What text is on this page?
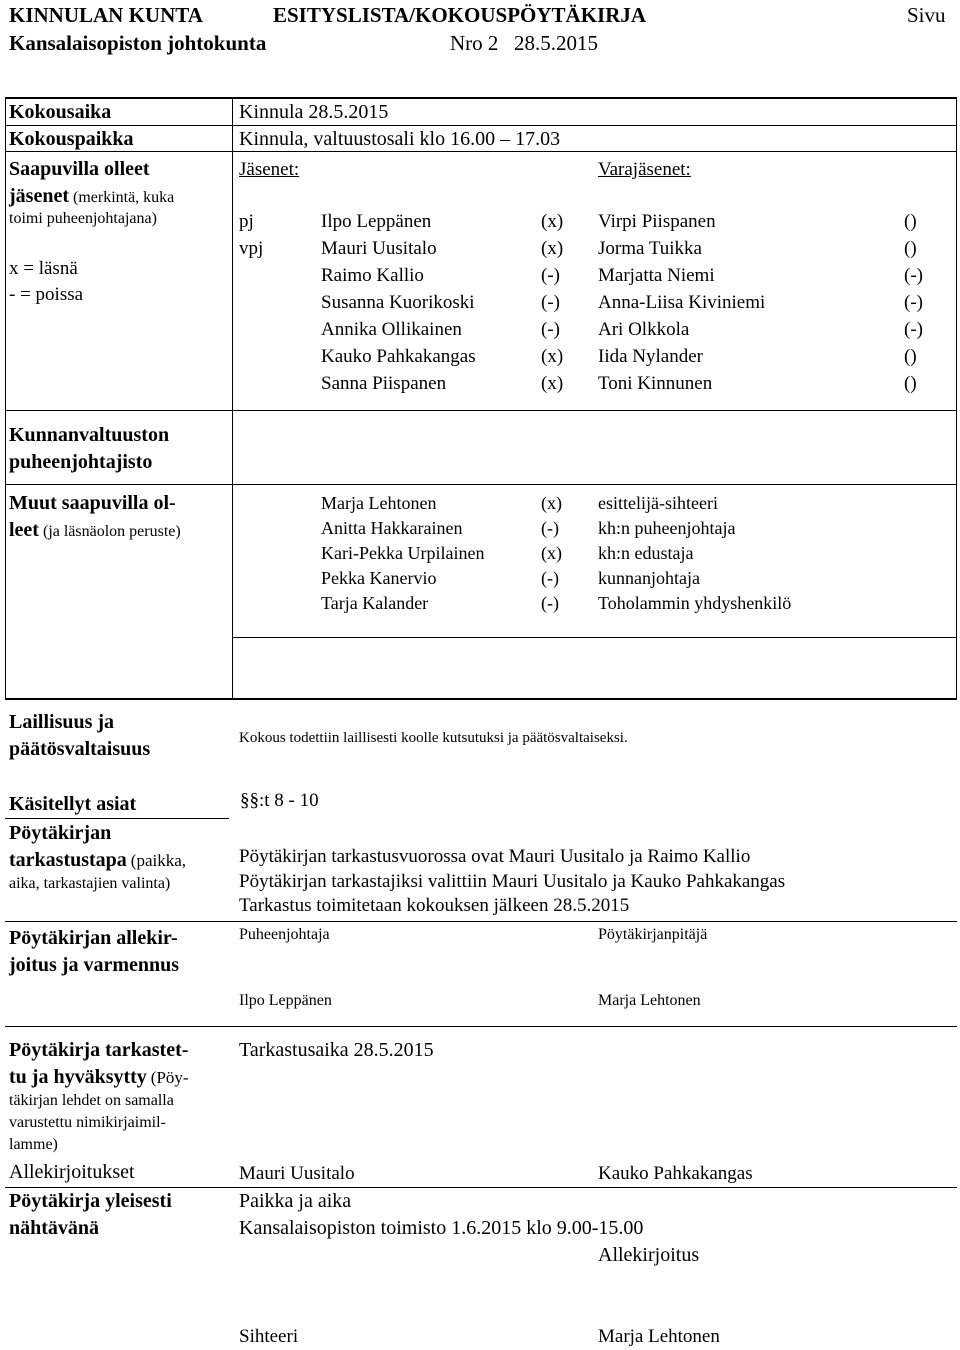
KINNULAN KUNTA	ESITYSLISTA/KOKOUSPÖYTÄKIRJA	Sivu
Kansalaisopiston johtokunta	Nro 2 28.5.2015
Kokousaika	Kinnula 28.5.2015
Kokouspaikka	Kinnula, valtuustosali klo 16.00 – 17.03
Saapuvilla olleet
jäsenet (merkintä, kuka
toimi puheenjohtajana)
x = läsnä
- = poissa
Jäsenet:	Varajäsenet:
pj	Ilpo Leppänen	(x) Virpi Piispanen	()
vpj	Mauri Uusitalo	(x) Jorma Tuikka	()
Raimo Kallio	(-) Marjatta Niemi	(-)
Susanna Kuorikoski	(-) Anna-Liisa Kiviniemi	(-)
Annika Ollikainen	(-) Ari Olkkola	(-)
Kauko Pahkakangas	(x) Iida Nylander	()
Sanna Piispanen	(x) Toni Kinnunen	()
Kunnanvaltuuston
puheenjohtajisto
Muut saapuvilla ol-
leet (ja läsnäolon peruste)
Marja Lehtonen	(x) esittelijä-sihteeri
Anitta Hakkarainen	(-) kh:n puheenjohtaja
Kari-Pekka Urpilainen	(x) kh:n edustaja
Pekka Kanervio	(-) kunnanjohtaja
Tarja Kalander	(-) Toholammin yhdyshenkilö
Laillisuus ja
päätösvaltaisuus	Kokous todettiin laillisesti koolle kutsutuksi ja päätösvaltaiseksi.
Käsitellyt asiat	§§:t 8 - 10
Pöytäkirjan
tarkastustapa (paikka,
aika, tarkastajien valinta)
Pöytäkirjan tarkastusvuorossa ovat Mauri Uusitalo ja Raimo Kallio
Pöytäkirjan tarkastajiksi valittiin Mauri Uusitalo ja Kauko Pahkakangas
Tarkastus toimitetaan kokouksen jälkeen 28.5.2015
Pöytäkirjan allekir-
joitus ja varmennus
Puheenjohtaja	Pöytäkirjanpitäjä
Ilpo Leppänen	Marja Lehtonen
Pöytäkirja tarkastet-
tu ja hyväksytty (Pöy-
täkirjan lehdet on samalla
varustettu nimikirjaimil-
lamme)
Tarkastusaika 28.5.2015
Allekirjoitukset	Mauri Uusitalo	Kauko Pahkakangas
Pöytäkirja yleisesti
nähtävänä
Paikka ja aika
Kansalaisopiston toimisto 1.6.2015 klo 9.00-15.00
Allekirjoitus
Sihteeri	Marja Lehtonen
